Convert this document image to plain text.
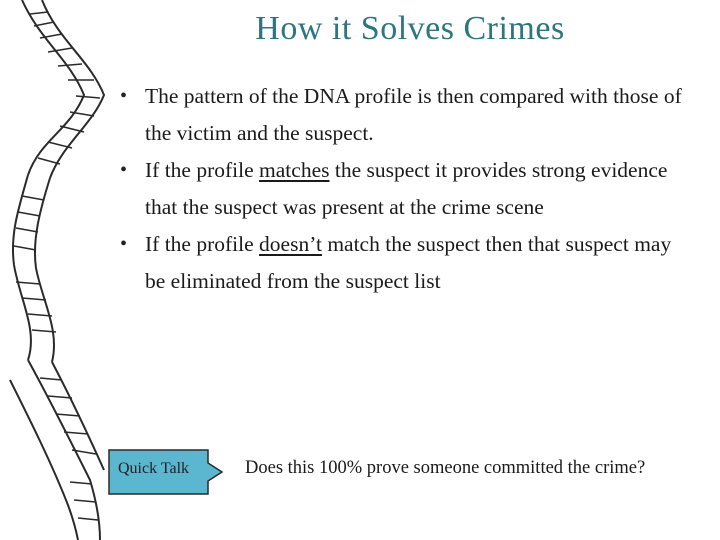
How it Solves Crimes
• The pattern of the DNA profile is then compared with those of the victim and the suspect.
• If the profile matches the suspect it provides strong evidence that the suspect was present at the crime scene
• If the profile doesn’t match the suspect then that suspect may be eliminated from the suspect list
Quick Talk	Does this 100% prove someone committed the crime?
